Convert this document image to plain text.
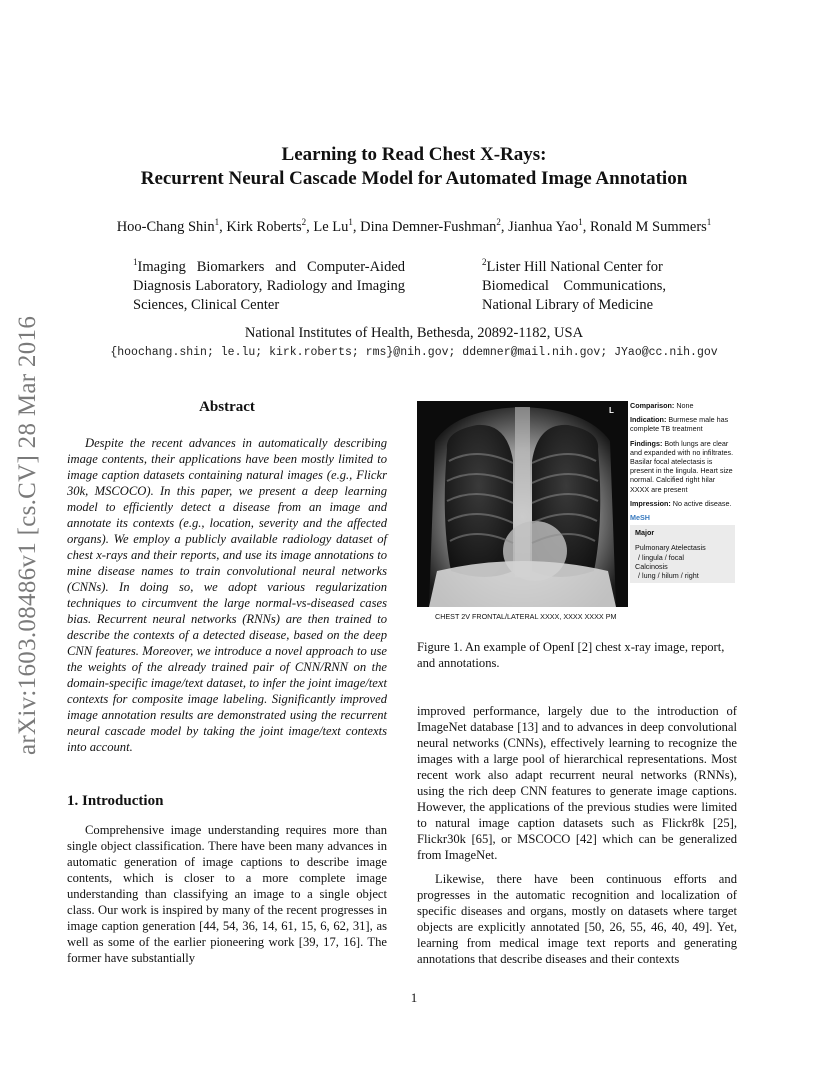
Learning to Read Chest X-Rays:
Recurrent Neural Cascade Model for Automated Image Annotation
Hoo-Chang Shin$^1$, Kirk Roberts$^2$, Le Lu$^1$, Dina Demner-Fushman$^2$, Jianhua Yao$^1$, Ronald M Summers$^1$
$^1$Imaging Biomarkers and Computer-Aided Diagnosis Laboratory, Radiology and Imaging Sciences, Clinical Center
$^2$Lister Hill National Center for
Biomedical    Communications,
National Library of Medicine
National Institutes of Health, Bethesda, 20892-1182, USA
{hoochang.shin; le.lu; kirk.roberts; rms}@nih.gov; ddemner@mail.nih.gov; JYao@cc.nih.gov
arXiv:1603.08486v1 [cs.CV] 28 Mar 2016	Abstract
Despite the recent advances in automatically describing image contents, their applications have been mostly limited to image caption datasets containing natural images (e.g., Flickr 30k, MSCOCO). In this paper, we present a deep learning model to efficiently detect a disease from an image and annotate its contexts (e.g., location, severity and the affected organs). We employ a publicly available radiology dataset of chest x-rays and their reports, and use its image annotations to mine disease names to train convolutional neural networks (CNNs). In doing so, we adopt various regularization techniques to circumvent the large normal-vs-diseased cases bias. Recurrent neural networks (RNNs) are then trained to describe the contexts of a detected disease, based on the deep CNN features. Moreover, we introduce a novel approach to use the weights of the already trained pair of CNN/RNN on the domain-specific image/text dataset, to infer the joint image/text contexts for composite image labeling. Significantly improved image annotation results are demonstrated using the recurrent neural cascade model by taking the joint image/text contexts into account.
1. Introduction
Comprehensive image understanding requires more than single object classification. There have been many advances in automatic generation of image captions to describe image contents, which is closer to a more complete image understanding than classifying an image to a single object class. Our work is inspired by many of the recent progresses in image caption generation [44, 54, 36, 14, 61, 15, 6, 62, 31], as well as some of the earlier pioneering work [39, 17, 16]. The former have substantially
L

Comparison: None

Indication: Burmese male has complete TB treatment

Findings: Both lungs are clear and expanded with no infiltrates. Basilar focal atelectasis is present in the lingula. Heart size normal. Calcified right hilar XXXX are present

Impression: No active disease.

MeSH
Major
Pulmonary Atelectasis
/ lingula / focal
Calcinosis
/ lung / hilum / right
CHEST 2V FRONTAL/LATERAL XXXX, XXXX XXXX PM
Figure 1. An example of OpenI [2] chest x-ray image, report, and annotations.
improved performance, largely due to the introduction of ImageNet database [13] and to advances in deep convolutional neural networks (CNNs), effectively learning to recognize the images with a large pool of hierarchical representations. Most recent work also adapt recurrent neural networks (RNNs), using the rich deep CNN features to generate image captions. However, the applications of the previous studies were limited to natural image caption datasets such as Flickr8k [25], Flickr30k [65], or MSCOCO [42] which can be generalized from ImageNet.
Likewise, there have been continuous efforts and progresses in the automatic recognition and localization of specific diseases and organs, mostly on datasets where target objects are explicitly annotated [50, 26, 55, 46, 40, 49]. Yet, learning from medical image text reports and generating annotations that describe diseases and their contexts
1
